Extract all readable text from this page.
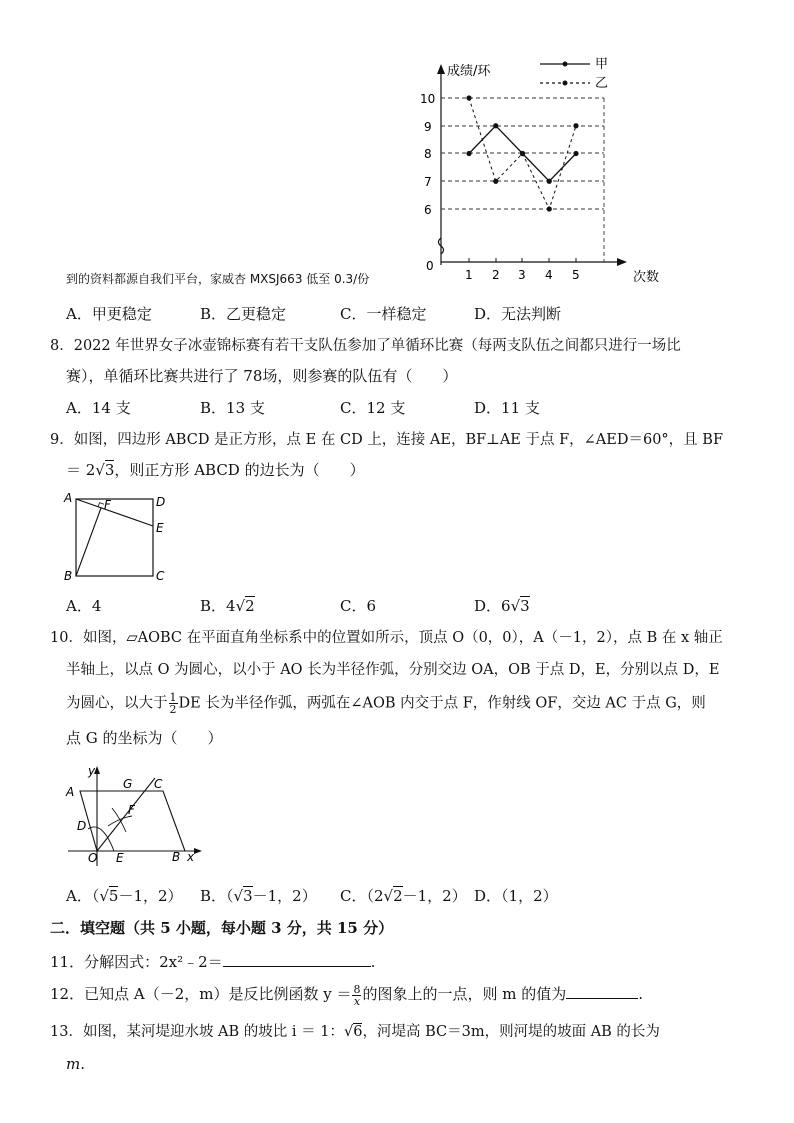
成绩/环
次数
0
甲
乙
10
9
8
7
6
1 2 3 4 5
到的资料都源自我们平台，家威杏 MXSJ663 低至 0.3/份
A．甲更稳定	B．乙更稳定	C．一样稳定	D．无法判断
8．2022 年世界女子冰壶锦标赛有若干支队伍参加了单循环比赛（每两支队伍之间都只进行一场比
赛），单循环比赛共进行了 78场，则参赛的队伍有（　　）
A．14 支	B．13 支	C．12 支	D．11 支
9．如图，四边形 ABCD 是正方形，点 E 在 CD 上，连接 AE，BF⊥AE 于点 F，∠AED＝60°，且 BF
＝ 2√3，则正方形 ABCD 的边长为（　　）
A	F	D
E
B	C
A．4	B．4√2	C．6	D．6√3
10．如图，▱AOBC 在平面直角坐标系中的位置如所示，顶点 O（0，0），A（－1，2），点 B 在 x 轴正
半轴上，以点 O 为圆心，以小于 AO 长为半径作弧，分别交边 OA，OB 于点 D，E，分别以点 D，E
为圆心，以大于 $\frac{1}{2}$ DE 长为半径作弧，两弧在∠AOB 内交于点 F，作射线 OF，交边 AC 于点 G，则
点 G 的坐标为（　　）
y
x
A
G C
F
D
O E	B
A．（√5－1，2） B．（√3－1，2） C．（2√2－1，2） D．（1，2）
二．填空题（共 5 小题，每小题 3 分，共 15 分）
11．分解因式：2x²﹣2＝	.
12．已知点 A（－2，m）是反比例函数 $y = \frac{8}{x}$ 的图象上的一点，则 m 的值为	.
13．如图，某河堤迎水坡 AB 的坡比 i ＝ 1：√6，河堤高 BC＝3m，则河堤的坡面 AB 的长为
m.
